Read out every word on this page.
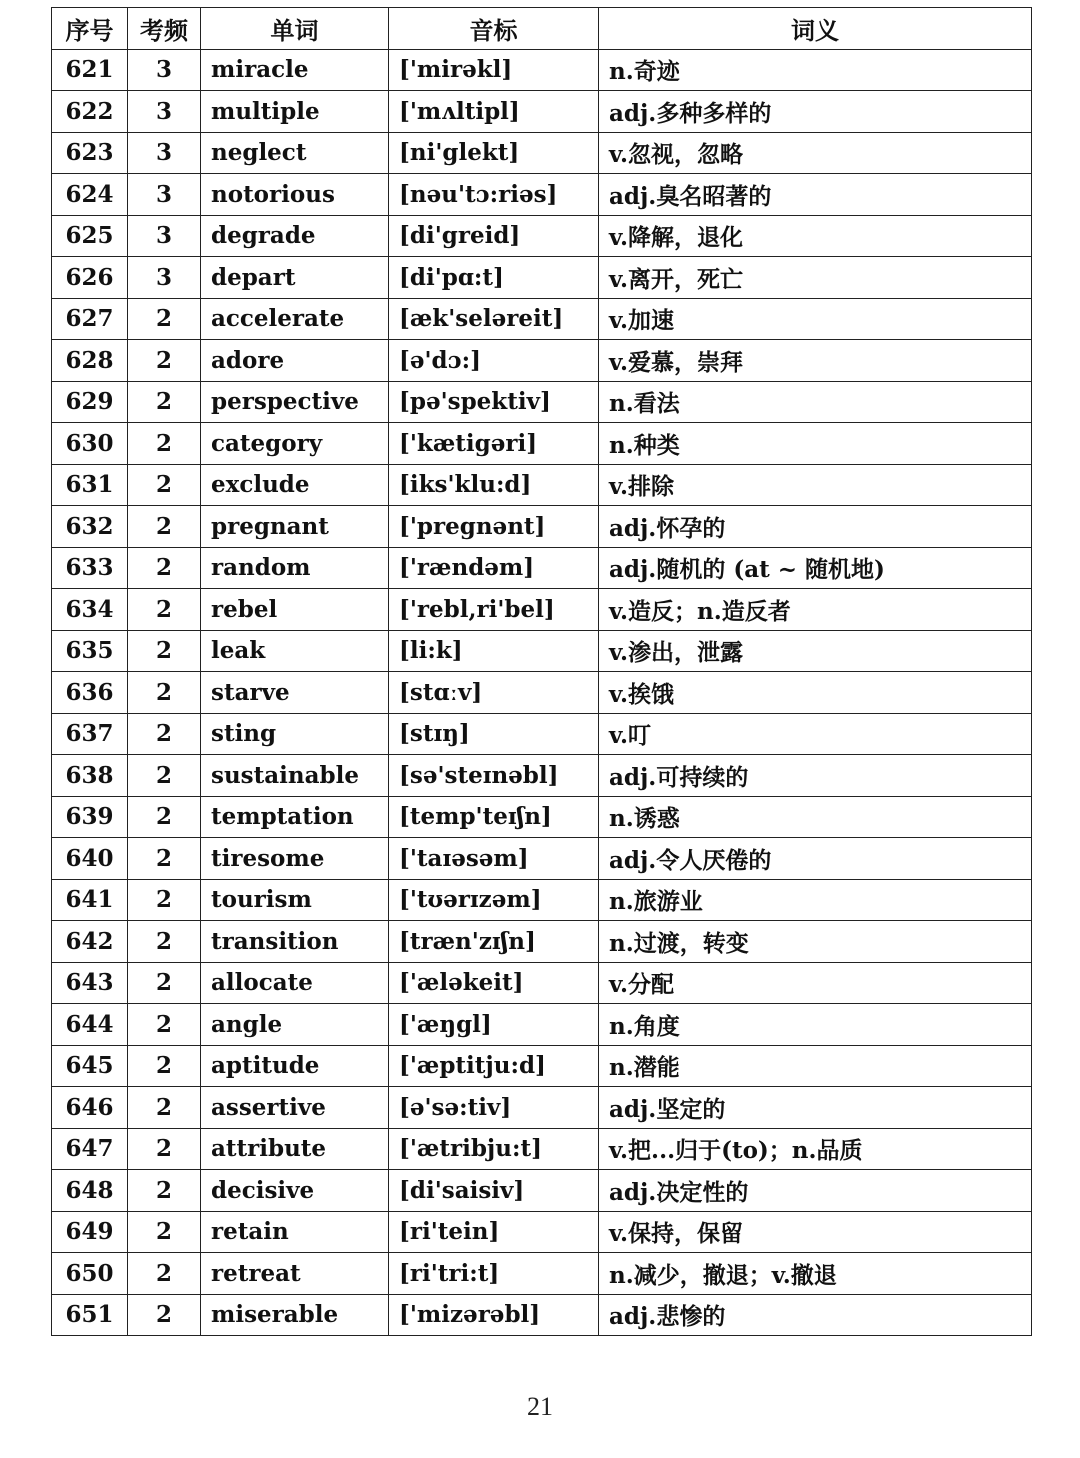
序号	考频	单词	音标	词义
621	3	miracle	['mirəkl]	n.奇迹
622	3	multiple	['mʌltipl]	adj.多种多样的
623	3	neglect	[ni'glekt]	v.忽视，忽略
624	3	notorious	[nəu'tɔ:riəs]	adj.臭名昭著的
625	3	degrade	[di'greid]	v.降解，退化
626	3	depart	[di'pɑ:t]	v.离开，死亡
627	2	accelerate	[æk'seləreit]	v.加速
628	2	adore	[ə'dɔ:]	v.爱慕，崇拜
629	2	perspective	[pə'spektiv]	n.看法
630	2	category	['kætigəri]	n.种类
631	2	exclude	[iks'klu:d]	v.排除
632	2	pregnant	['pregnənt]	adj.怀孕的
633	2	random	['rændəm]	adj.随机的 (at ~ 随机地)
634	2	rebel	['rebl,ri'bel]	v.造反；n.造反者
635	2	leak	[li:k]	v.渗出，泄露
636	2	starve	[stɑːv]	v.挨饿
637	2	sting	[stɪŋ]	v.叮
638	2	sustainable	[sə'steɪnəbl]	adj.可持续的
639	2	temptation	[temp'teɪʃn]	n.诱惑
640	2	tiresome	['taɪəsəm]	adj.令人厌倦的
641	2	tourism	['tʊərɪzəm]	n.旅游业
642	2	transition	[træn'zɪʃn]	n.过渡，转变
643	2	allocate	['æləkeit]	v.分配
644	2	angle	['æŋgl]	n.角度
645	2	aptitude	['æptitju:d]	n.潜能
646	2	assertive	[ə'sə:tiv]	adj.坚定的
647	2	attribute	['ætribju:t]	v.把...归于(to)；n.品质
648	2	decisive	[di'saisiv]	adj.决定性的
649	2	retain	[ri'tein]	v.保持，保留
650	2	retreat	[ri'tri:t]	n.减少，撤退；v.撤退
651	2	miserable	['mizərəbl]	adj.悲惨的
21
